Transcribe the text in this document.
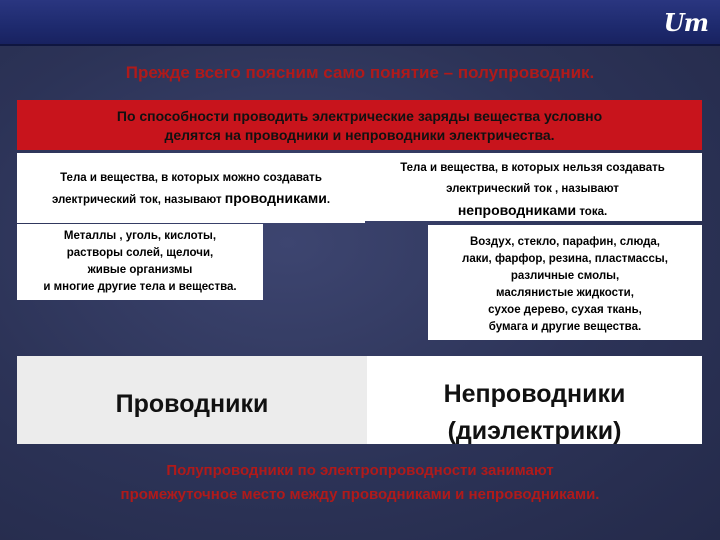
Um
Прежде всего поясним само понятие – полупроводник.
По способности проводить электрические заряды вещества условно
делятся на проводники и непроводники электричества.
Тела и вещества, в которых можно создавать
электрический ток, называют проводниками.
Тела и вещества, в которых нельзя создавать
электрический ток , называют
непроводниками тока.
Металлы , уголь, кислоты,
растворы солей, щелочи,
живые организмы
и многие другие тела и вещества.
Воздух, стекло, парафин, слюда,
лаки, фарфор, резина, пластмассы,
различные смолы,
маслянистые жидкости,
сухое дерево, сухая ткань,
бумага и другие вещества.
Проводники	Непроводники
(диэлектрики)
Полупроводники по электропроводности занимают
промежуточное место между проводниками и непроводниками.
